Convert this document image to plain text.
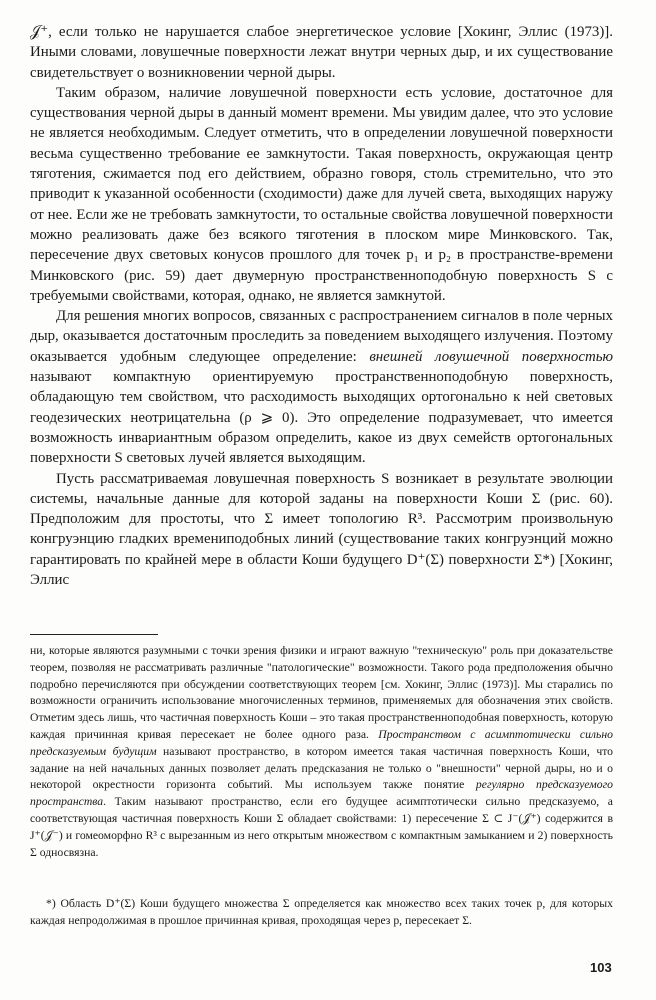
𝒥⁺, если только не нарушается слабое энергетическое условие [Хокинг, Эллис (1973)]. Иными словами, ловушечные поверхности лежат внутри черных дыр, и их существование свидетельствует о возникновении черной дыры.

Таким образом, наличие ловушечной поверхности есть условие, достаточное для существования черной дыры в данный момент времени. Мы увидим далее, что это условие не является необходимым. Следует отметить, что в определении ловушечной поверхности весьма существенно требование ее замкнутости. Такая поверхность, окружающая центр тяготения, сжимается под его действием, образно говоря, столь стремительно, что это приводит к указанной особенности (сходимости) даже для лучей света, выходящих наружу от нее. Если же не требовать замкнутости, то остальные свойства ловушечной поверхности можно реализовать даже без всякого тяготения в плоском мире Минковского. Так, пересечение двух световых конусов прошлого для точек p₁ и p₂ в пространстве-времени Минковского (рис. 59) дает двумерную пространственноподобную поверхность S с требуемыми свойствами, которая, однако, не является замкнутой.

Для решения многих вопросов, связанных с распространением сигналов в поле черных дыр, оказывается достаточным проследить за поведением выходящего излучения. Поэтому оказывается удобным следующее определение: внешней ловушечной поверхностью называют компактную ориентируемую пространственноподобную поверхность, обладающую тем свойством, что расходимость выходящих ортогонально к ней световых геодезических неотрицательна (ρ ⩾ 0). Это определение подразумевает, что имеется возможность инвариантным образом определить, какое из двух семейств ортогональных поверхности S световых лучей является выходящим.

Пусть рассматриваемая ловушечная поверхность S возникает в результате эволюции системы, начальные данные для которой заданы на поверхности Коши Σ (рис. 60). Предположим для простоты, что Σ имеет топологию R³. Рассмотрим произвольную конгруэнцию гладких времениподобных линий (существование таких конгруэнций можно гарантировать по крайней мере в области Коши будущего D⁺(Σ) поверхности Σ*) [Хокинг, Эллис

ни, которые являются разумными с точки зрения физики и играют важную "техническую" роль при доказательстве теорем, позволяя не рассматривать различные "патологические" возможности. Такого рода предположения обычно подробно перечисляются при обсуждении соответствующих теорем [см. Хокинг, Эллис (1973)]. Мы старались по возможности ограничить использование многочисленных терминов, применяемых для обозначения этих свойств. Отметим здесь лишь, что частичная поверхность Коши – это такая пространственноподобная поверхность, которую каждая причинная кривая пересекает не более одного раза. Пространством с асимптотически сильно предсказуемым будущим называют пространство, в котором имеется такая частичная поверхность Коши, что задание на ней начальных данных позволяет делать предсказания не только о "внешности" черной дыры, но и о некоторой окрестности горизонта событий. Мы используем также понятие регулярно предсказуемого пространства. Таким называют пространство, если его будущее асимптотически сильно предсказуемо, а соответствующая частичная поверхность Коши Σ обладает свойствами: 1) пересечение Σ ⊂ J⁻(𝒥⁺) содержится в J⁺(𝒥⁻) и гомеоморфно R³ с вырезанным из него открытым множеством с компактным замыканием и 2) поверхность Σ односвязна.

*) Область D⁺(Σ) Коши будущего множества Σ определяется как множество всех таких точек p, для которых каждая непродолжимая в прошлое причинная кривая, проходящая через p, пересекает Σ.

103
